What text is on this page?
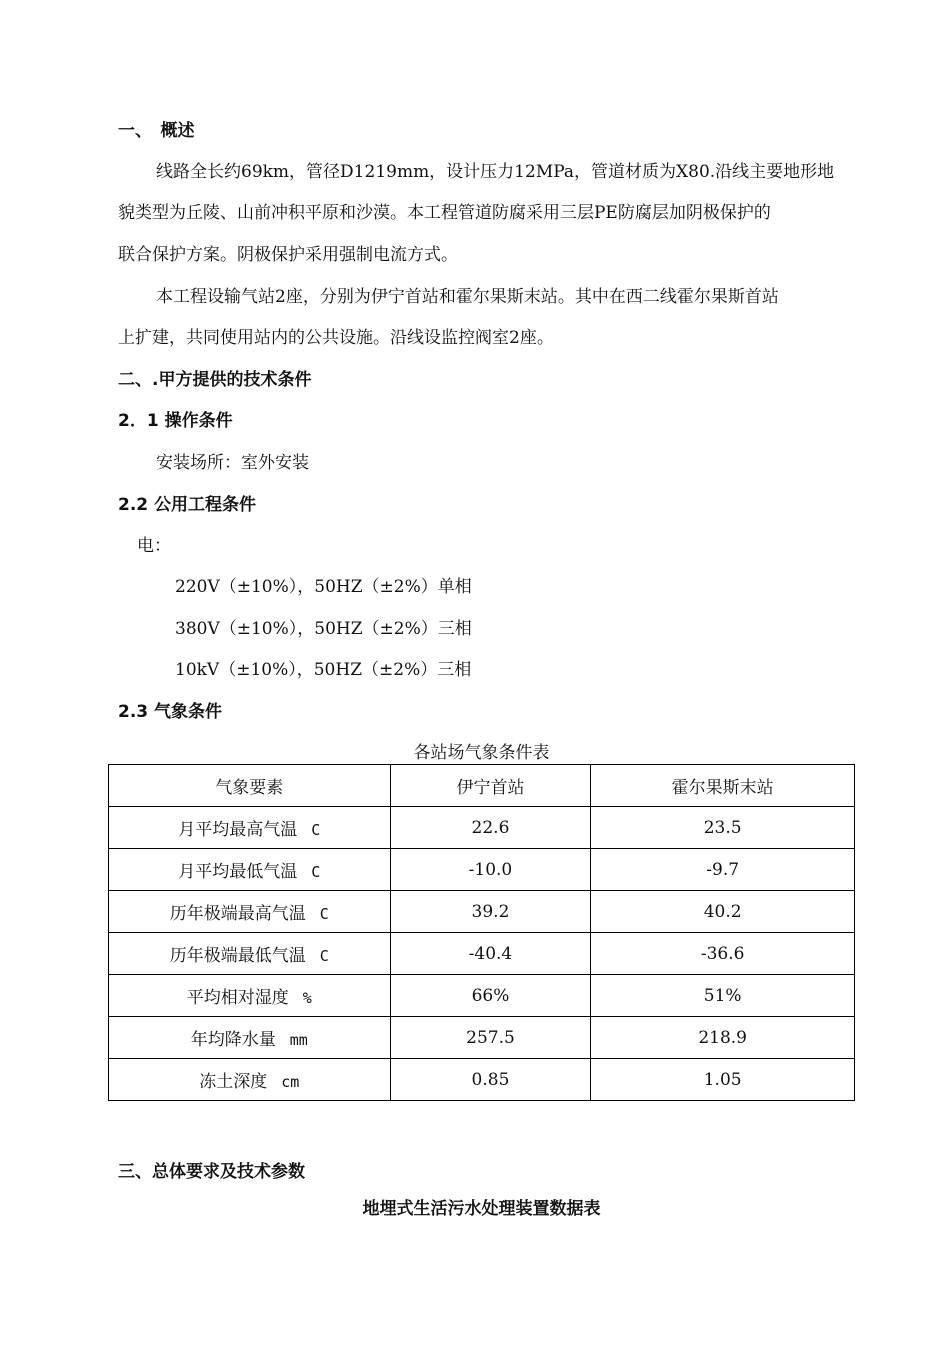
一、　概述
线路全长约69km，管径D1219mm，设计压力12MPa，管道材质为X80.沿线主要地形地
貌类型为丘陵、山前冲积平原和沙漠。本工程管道防腐采用三层PE防腐层加阴极保护的
联合保护方案。阴极保护采用强制电流方式。
本工程设输气站2座，分别为伊宁首站和霍尔果斯末站。其中在西二线霍尔果斯首站
上扩建，共同使用站内的公共设施。沿线设监控阀室2座。
二、.甲方提供的技术条件
2．1 操作条件
安装场所：室外安装
2.2 公用工程条件
电：
220V（±10%），50HZ（±2%）单相
380V（±10%），50HZ（±2%）三相
10kV（±10%），50HZ（±2%）三相
2.3 气象条件
各站场气象条件表
气象要素	伊宁首站	霍尔果斯末站
月平均最高气温 C	22.6	23.5
月平均最低气温 C	-10.0	-9.7
历年极端最高气温 C	39.2	40.2
历年极端最低气温 C	-40.4	-36.6
平均相对湿度 %	66%	51%
年均降水量 mm	257.5	218.9
冻土深度 cm	0.85	1.05
三、总体要求及技术参数
地埋式生活污水处理装置数据表
